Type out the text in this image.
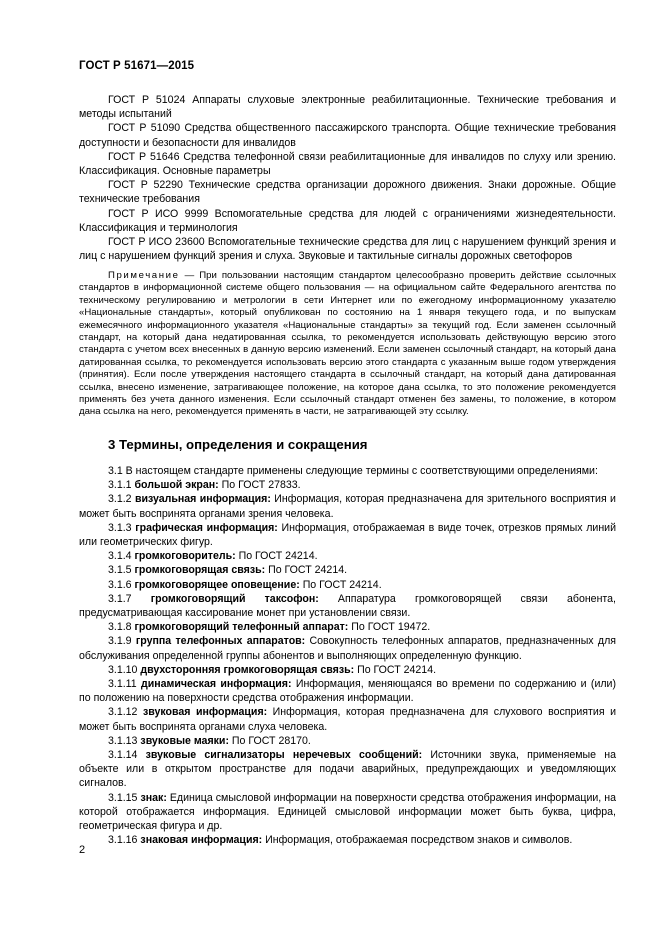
ГОСТ Р 51671—2015

ГОСТ Р 51024 Аппараты слуховые электронные реабилитационные. Технические требования и методы испытаний

ГОСТ Р 51090 Средства общественного пассажирского транспорта. Общие технические требования доступности и безопасности для инвалидов

ГОСТ Р 51646 Средства телефонной связи реабилитационные для инвалидов по слуху или зрению. Классификация. Основные параметры

ГОСТ Р 52290 Технические средства организации дорожного движения. Знаки дорожные. Общие технические требования

ГОСТ Р ИСО 9999 Вспомогательные средства для людей с ограничениями жизнедеятельности. Классификация и терминология

ГОСТ Р ИСО 23600 Вспомогательные технические средства для лиц с нарушением функций зрения и лиц с нарушением функций зрения и слуха. Звуковые и тактильные сигналы дорожных светофоров

Примечание — При пользовании настоящим стандартом целесообразно проверить действие ссылочных стандартов в информационной системе общего пользования — на официальном сайте Федерального агентства по техническому регулированию и метрологии в сети Интернет или по ежегодному информационному указателю «Национальные стандарты», который опубликован по состоянию на 1 января текущего года, и по выпускам ежемесячного информационного указателя «Национальные стандарты» за текущий год. Если заменен ссылочный стандарт, на который дана недатированная ссылка, то рекомендуется использовать действующую версию этого стандарта с учетом всех внесенных в данную версию изменений. Если заменен ссылочный стандарт, на который дана датированная ссылка, то рекомендуется использовать версию этого стандарта с указанным выше годом утверждения (принятия). Если после утверждения настоящего стандарта в ссылочный стандарт, на который дана датированная ссылка, внесено изменение, затрагивающее положение, на которое дана ссылка, то это положение рекомендуется применять без учета данного изменения. Если ссылочный стандарт отменен без замены, то положение, в котором дана ссылка на него, рекомендуется применять в части, не затрагивающей эту ссылку.

3 Термины, определения и сокращения

3.1 В настоящем стандарте применены следующие термины с соответствующими определениями:

3.1.1 большой экран: По ГОСТ 27833.

3.1.2 визуальная информация: Информация, которая предназначена для зрительного восприятия и может быть воспринята органами зрения человека.

3.1.3 графическая информация: Информация, отображаемая в виде точек, отрезков прямых линий или геометрических фигур.

3.1.4 громкоговоритель: По ГОСТ 24214.

3.1.5 громкоговорящая связь: По ГОСТ 24214.

3.1.6 громкоговорящее оповещение: По ГОСТ 24214.

3.1.7 громкоговорящий таксофон: Аппаратура громкоговорящей связи абонента, предусматривающая кассирование монет при установлении связи.

3.1.8 громкоговорящий телефонный аппарат: По ГОСТ 19472.

3.1.9 группа телефонных аппаратов: Совокупность телефонных аппаратов, предназначенных для обслуживания определенной группы абонентов и выполняющих определенную функцию.

3.1.10 двухсторонняя громкоговорящая связь: По ГОСТ 24214.

3.1.11 динамическая информация: Информация, меняющаяся во времени по содержанию и (или) по положению на поверхности средства отображения информации.

3.1.12 звуковая информация: Информация, которая предназначена для слухового восприятия и может быть воспринята органами слуха человека.

3.1.13 звуковые маяки: По ГОСТ 28170.

3.1.14 звуковые сигнализаторы неречевых сообщений: Источники звука, применяемые на объекте или в открытом пространстве для подачи аварийных, предупреждающих и уведомляющих сигналов.

3.1.15 знак: Единица смысловой информации на поверхности средства отображения информации, на которой отображается информация. Единицей смысловой информации может быть буква, цифра, геометрическая фигура и др.

3.1.16 знаковая информация: Информация, отображаемая посредством знаков и символов.

2
